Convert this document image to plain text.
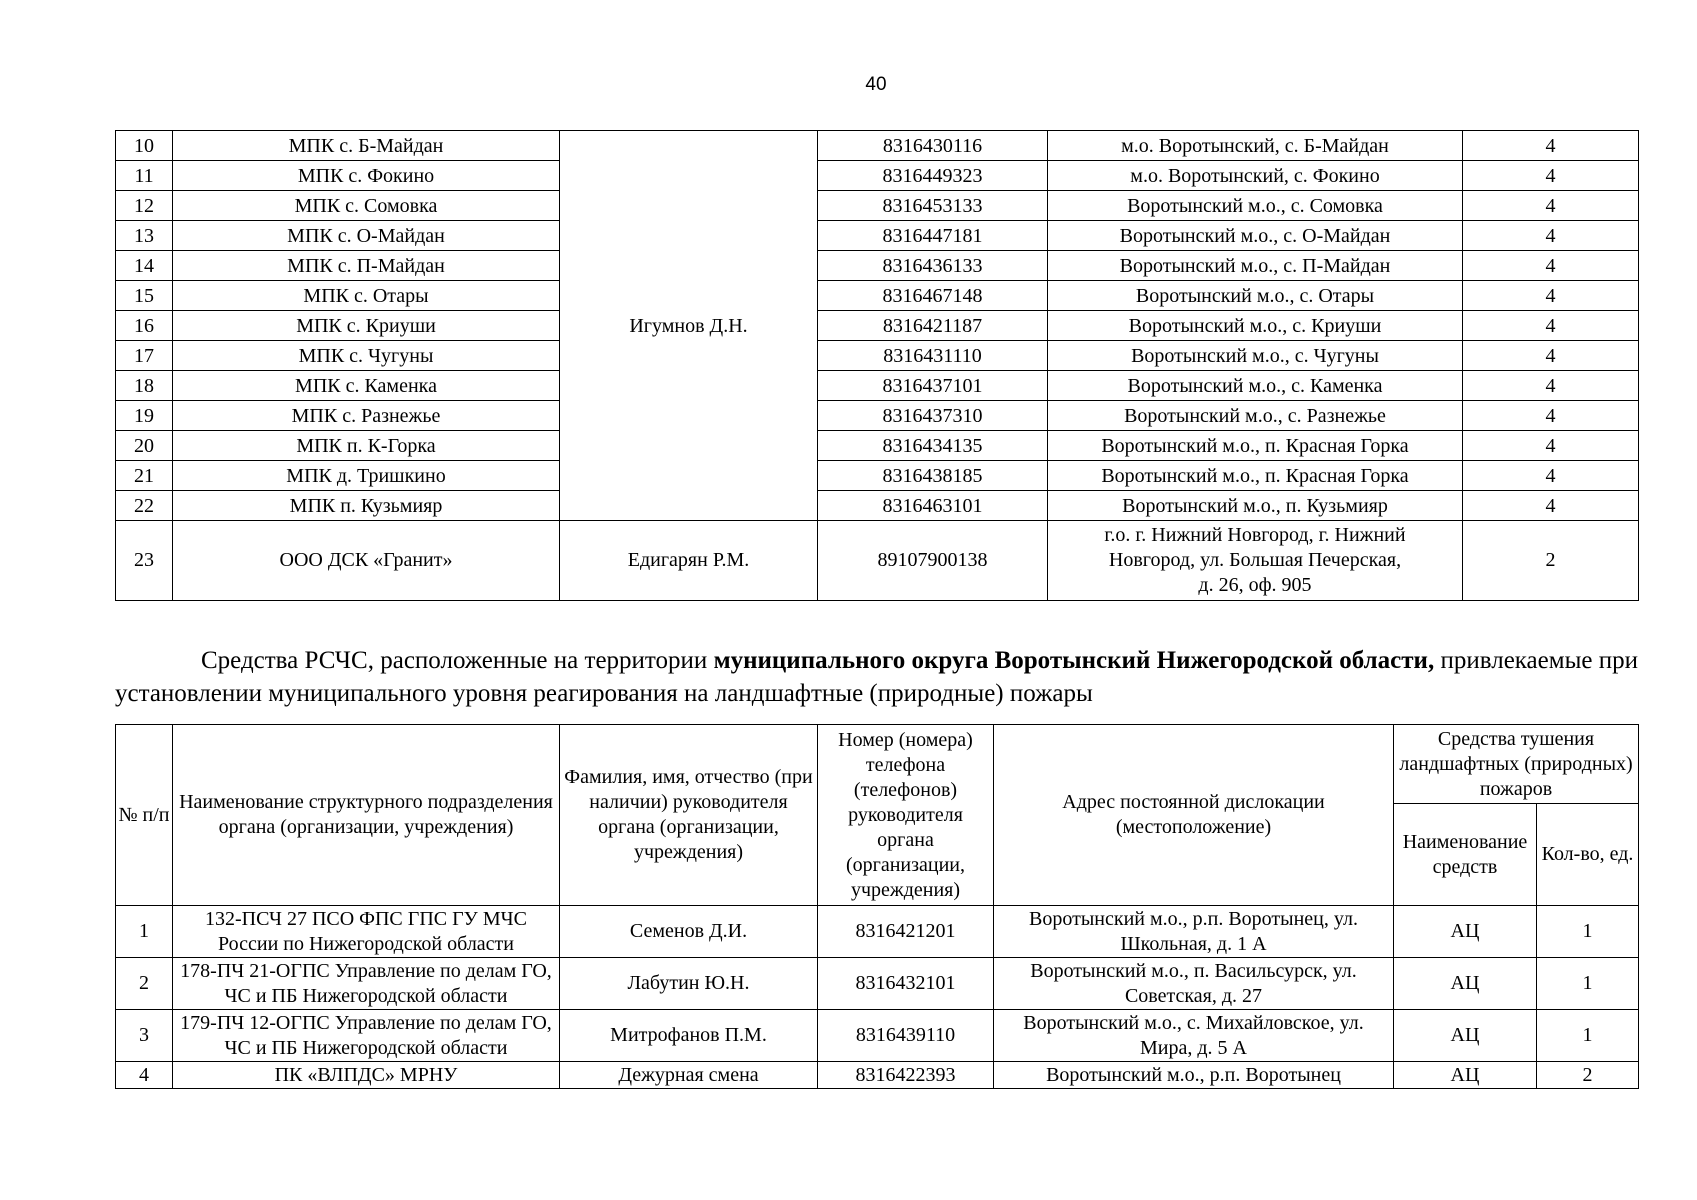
40
10	МПК с. Б-Майдан	Игумнов Д.Н.	8316430116	м.о. Воротынский, с. Б-Майдан	4
11	МПК с. Фокино		8316449323	м.о. Воротынский, с. Фокино	4
12	МПК с. Сомовка		8316453133	Воротынский м.о., с. Сомовка	4
13	МПК с. О-Майдан		8316447181	Воротынский м.о., с. О-Майдан	4
14	МПК с. П-Майдан		8316436133	Воротынский м.о., с. П-Майдан	4
15	МПК с. Отары		8316467148	Воротынский м.о., с. Отары	4
16	МПК с. Криуши		8316421187	Воротынский м.о., с. Криуши	4
17	МПК с. Чугуны		8316431110	Воротынский м.о., с. Чугуны	4
18	МПК с. Каменка		8316437101	Воротынский м.о., с. Каменка	4
19	МПК с. Разнежье		8316437310	Воротынский м.о., с. Разнежье	4
20	МПК п. К-Горка		8316434135	Воротынский м.о., п. Красная Горка	4
21	МПК д. Тришкино		8316438185	Воротынский м.о., п. Красная Горка	4
22	МПК п. Кузьмияр		8316463101	Воротынский м.о., п. Кузьмияр	4
23	ООО ДСК «Гранит»	Едигарян Р.М.	89107900138	г.о. г. Нижний Новгород, г. Нижний
Новгород, ул. Большая Печерская,
д. 26, оф. 905	2
Средства РСЧС, расположенные на территории муниципального округа Воротынский Нижегородской области, привлекаемые при установлении муниципального уровня реагирования на ландшафтные (природные) пожары
№ п/п	Наименование структурного подразделения органа (организации, учреждения)	Фамилия, имя, отчество (при наличии) руководителя органа (организации, учреждения)	Номер (номера) телефона (телефонов) руководителя органа (организации, учреждения)	Адрес постоянной дислокации (местоположение)	Средства тушения ландшафтных (природных) пожаров	
					Наименование средств	Кол-во, ед.
1	132-ПСЧ 27 ПСО ФПС ГПС ГУ МЧС России по Нижегородской области	Семенов Д.И.	8316421201	Воротынский м.о., р.п. Воротынец, ул. Школьная, д. 1 А	АЦ	1
2	178-ПЧ 21-ОГПС Управление по делам ГО, ЧС и ПБ Нижегородской области	Лабутин Ю.Н.	8316432101	Воротынский м.о., п. Васильсурск, ул. Советская, д. 27	АЦ	1
3	179-ПЧ 12-ОГПС Управление по делам ГО, ЧС и ПБ Нижегородской области	Митрофанов П.М.	8316439110	Воротынский м.о., с. Михайловское, ул. Мира, д. 5 А	АЦ	1
4	ПК «ВЛПДС» МРНУ	Дежурная смена	8316422393	Воротынский м.о., р.п. Воротынец	АЦ	2
